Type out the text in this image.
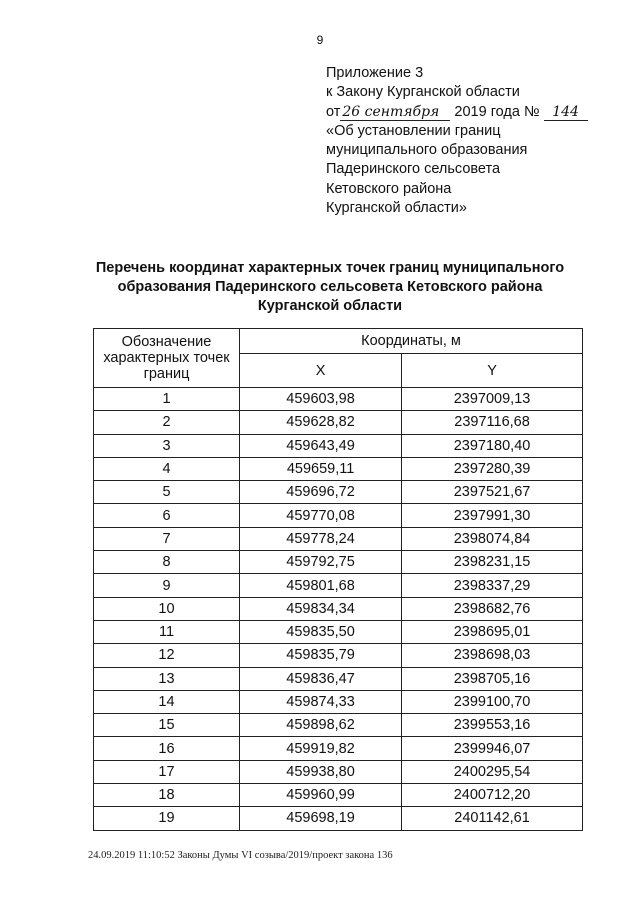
9
Приложение 3
к Закону Курганской области
от 26 сентября 2019 года № 144
«Об установлении границ
муниципального образования
Падеринского сельсовета
Кетовского района
Курганской области»
Перечень координат характерных точек границ муниципального
образования Падеринского сельсовета Кетовского района
Курганской области
Обозначение характерных точек границ	Координаты, м	
	X	Y
1	459603,98	2397009,13
2	459628,82	2397116,68
3	459643,49	2397180,40
4	459659,11	2397280,39
5	459696,72	2397521,67
6	459770,08	2397991,30
7	459778,24	2398074,84
8	459792,75	2398231,15
9	459801,68	2398337,29
10	459834,34	2398682,76
11	459835,50	2398695,01
12	459835,79	2398698,03
13	459836,47	2398705,16
14	459874,33	2399100,70
15	459898,62	2399553,16
16	459919,82	2399946,07
17	459938,80	2400295,54
18	459960,99	2400712,20
19	459698,19	2401142,61
24.09.2019 11:10:52 Законы Думы VI созыва/2019/проект закона 136
